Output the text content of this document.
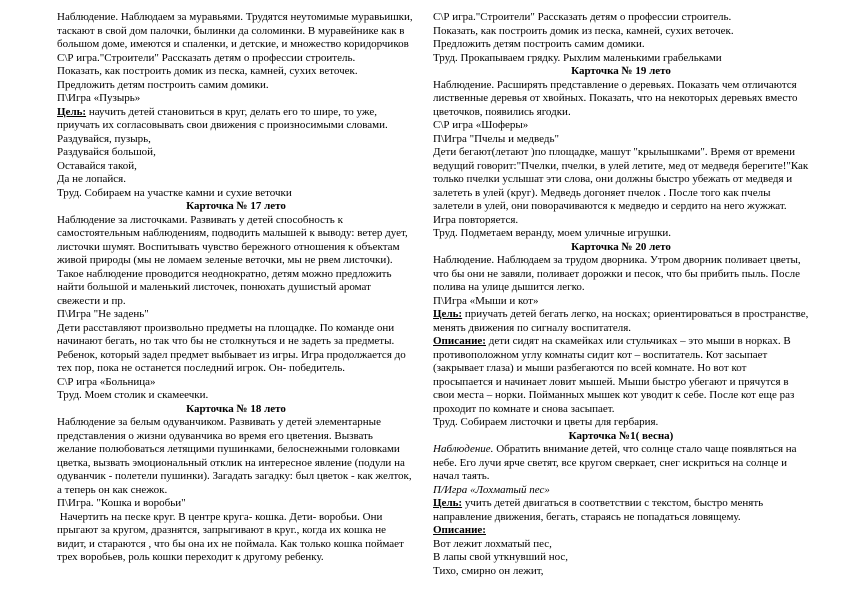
Наблюдение. Наблюдаем за муравьями. Трудятся неутомимые муравьишки, таскают в свой дом палочки, былинки да соломинки. В муравейнике как в большом доме, имеются и спаленки, и детские, и множество коридорчиков

С\Р игра."Строители" Рассказать детям о профессии строитель.

Показать, как построить домик из песка, камней, сухих веточек.

Предложить детям построить самим домики.

П\Игра «Пузырь»

Цель: научить детей становиться в круг, делать его то шире, то уже, приучать их согласовывать свои движения с произносимыми словами.

Раздувайся, пузырь,

Раздувайся большой,

Оставайся такой,

Да не лопайся.

Труд. Собираем на участке камни и сухие веточки

Карточка № 17 лето

Наблюдение за листочками. Развивать у детей способность к самостоятельным наблюдениям, подводить малышей к выводу: ветер дует, листочки шумят. Воспитывать чувство бережного отношения к объектам живой природы (мы не ломаем зеленые веточки, мы не рвем листочки). Такое наблюдение проводится неоднократно, детям можно предложить найти большой и маленький листочек, понюхать душистый аромат свежести и пр.

П\Игра "Не задень"

Дети расставляют произвольно предметы на площадке. По команде они начинают бегать, но так что бы не столкнуться и не задеть за предметы. Ребенок, который задел предмет выбывает из игры. Игра продолжается до тех пор, пока не останется последний игрок. Он- победитель.

С\Р игра «Больница»

Труд. Моем столик и скамеечки.

Карточка № 18 лето

Наблюдение за белым одуванчиком. Развивать у детей элементарные представления о жизни одуванчика во время его цветения. Вызвать желание полюбоваться летящими пушинками, белоснежными головками цветка, вызвать эмоциональный отклик на интересное явление (подули на одуванчик - полетели пушинки). Загадать загадку: был цветок - как желток, а теперь он как снежок.

П\Игра. "Кошка и воробьи"

Начертить на песке круг. В центре круга- кошка. Дети- воробьи. Они прыгают за кругом, дразнятся, запрыгивают в круг., когда их кошка не видит, и стараются , что бы она их не поймала. Как только кошка поймает трех воробьев, роль кошки переходит к другому ребенку.

С\Р игра."Строители" Рассказать детям о профессии строитель.

Показать, как построить домик из песка, камней, сухих веточек.

Предложить детям построить самим домики.

Труд. Прокапываем грядку. Рыхлим маленькими грабельками

Карточка № 19 лето

Наблюдение. Расширять представление о деревьях. Показать чем отличаются лиственные деревья от хвойных. Показать, что на некоторых деревьях вместо цветочков, появились ягодки.

С\Р игра «Шоферы»

П\Игра "Пчелы и медведь"

Дети бегают(летают )по площадке, машут "крылышками". Время от времени ведущий говорит:"Пчелки, пчелки, в улей летите, мед от медведя берегите!"Как только пчелки услышат эти слова, они должны быстро убежать от медведя и залететь в улей (круг). Медведь догоняет пчелок . После того как пчелы залетели в улей, они поворачиваются к медведю и сердито на него жужжат. Игра повторяется.

Труд. Подметаем веранду, моем уличные игрушки.

Карточка № 20 лето

Наблюдение. Наблюдаем за трудом дворника. Утром дворник поливает цветы, что бы они не завяли, поливает дорожки и песок, что бы прибить пыль. После полива на улице дышится легко.

П\Игра «Мыши и кот»

Цель: приучать детей бегать легко, на носках; ориентироваться в пространстве, менять движения по сигналу воспитателя.

Описание: дети сидят на скамейках или стульчиках – это мыши в норках. В противоположном углу комнаты сидит кот – воспитатель. Кот засыпает (закрывает глаза) и мыши разбегаются по всей комнате. Но вот кот просыпается и начинает ловит мышей. Мыши быстро убегают и прячутся в свои места – норки. Пойманных мышек кот уводит к себе. После кот еще раз проходит по комнате и снова засыпает.

Труд. Собираем листочки и цветы для гербария.

Карточка №1( весна)

Наблюдение. Обратить внимание детей, что солнце стало чаще появляться на небе. Его лучи ярче светят, все кругом сверкает, снег искриться на солнце и начал таять.

П/Игра «Лохматый пес»

Цель: учить детей двигаться в соответствии с текстом, быстро менять направление движения, бегать, стараясь не попадаться ловящему.

Описание:

Вот лежит лохматый пес,

В лапы свой уткнувший нос,

Тихо, смирно он лежит,
